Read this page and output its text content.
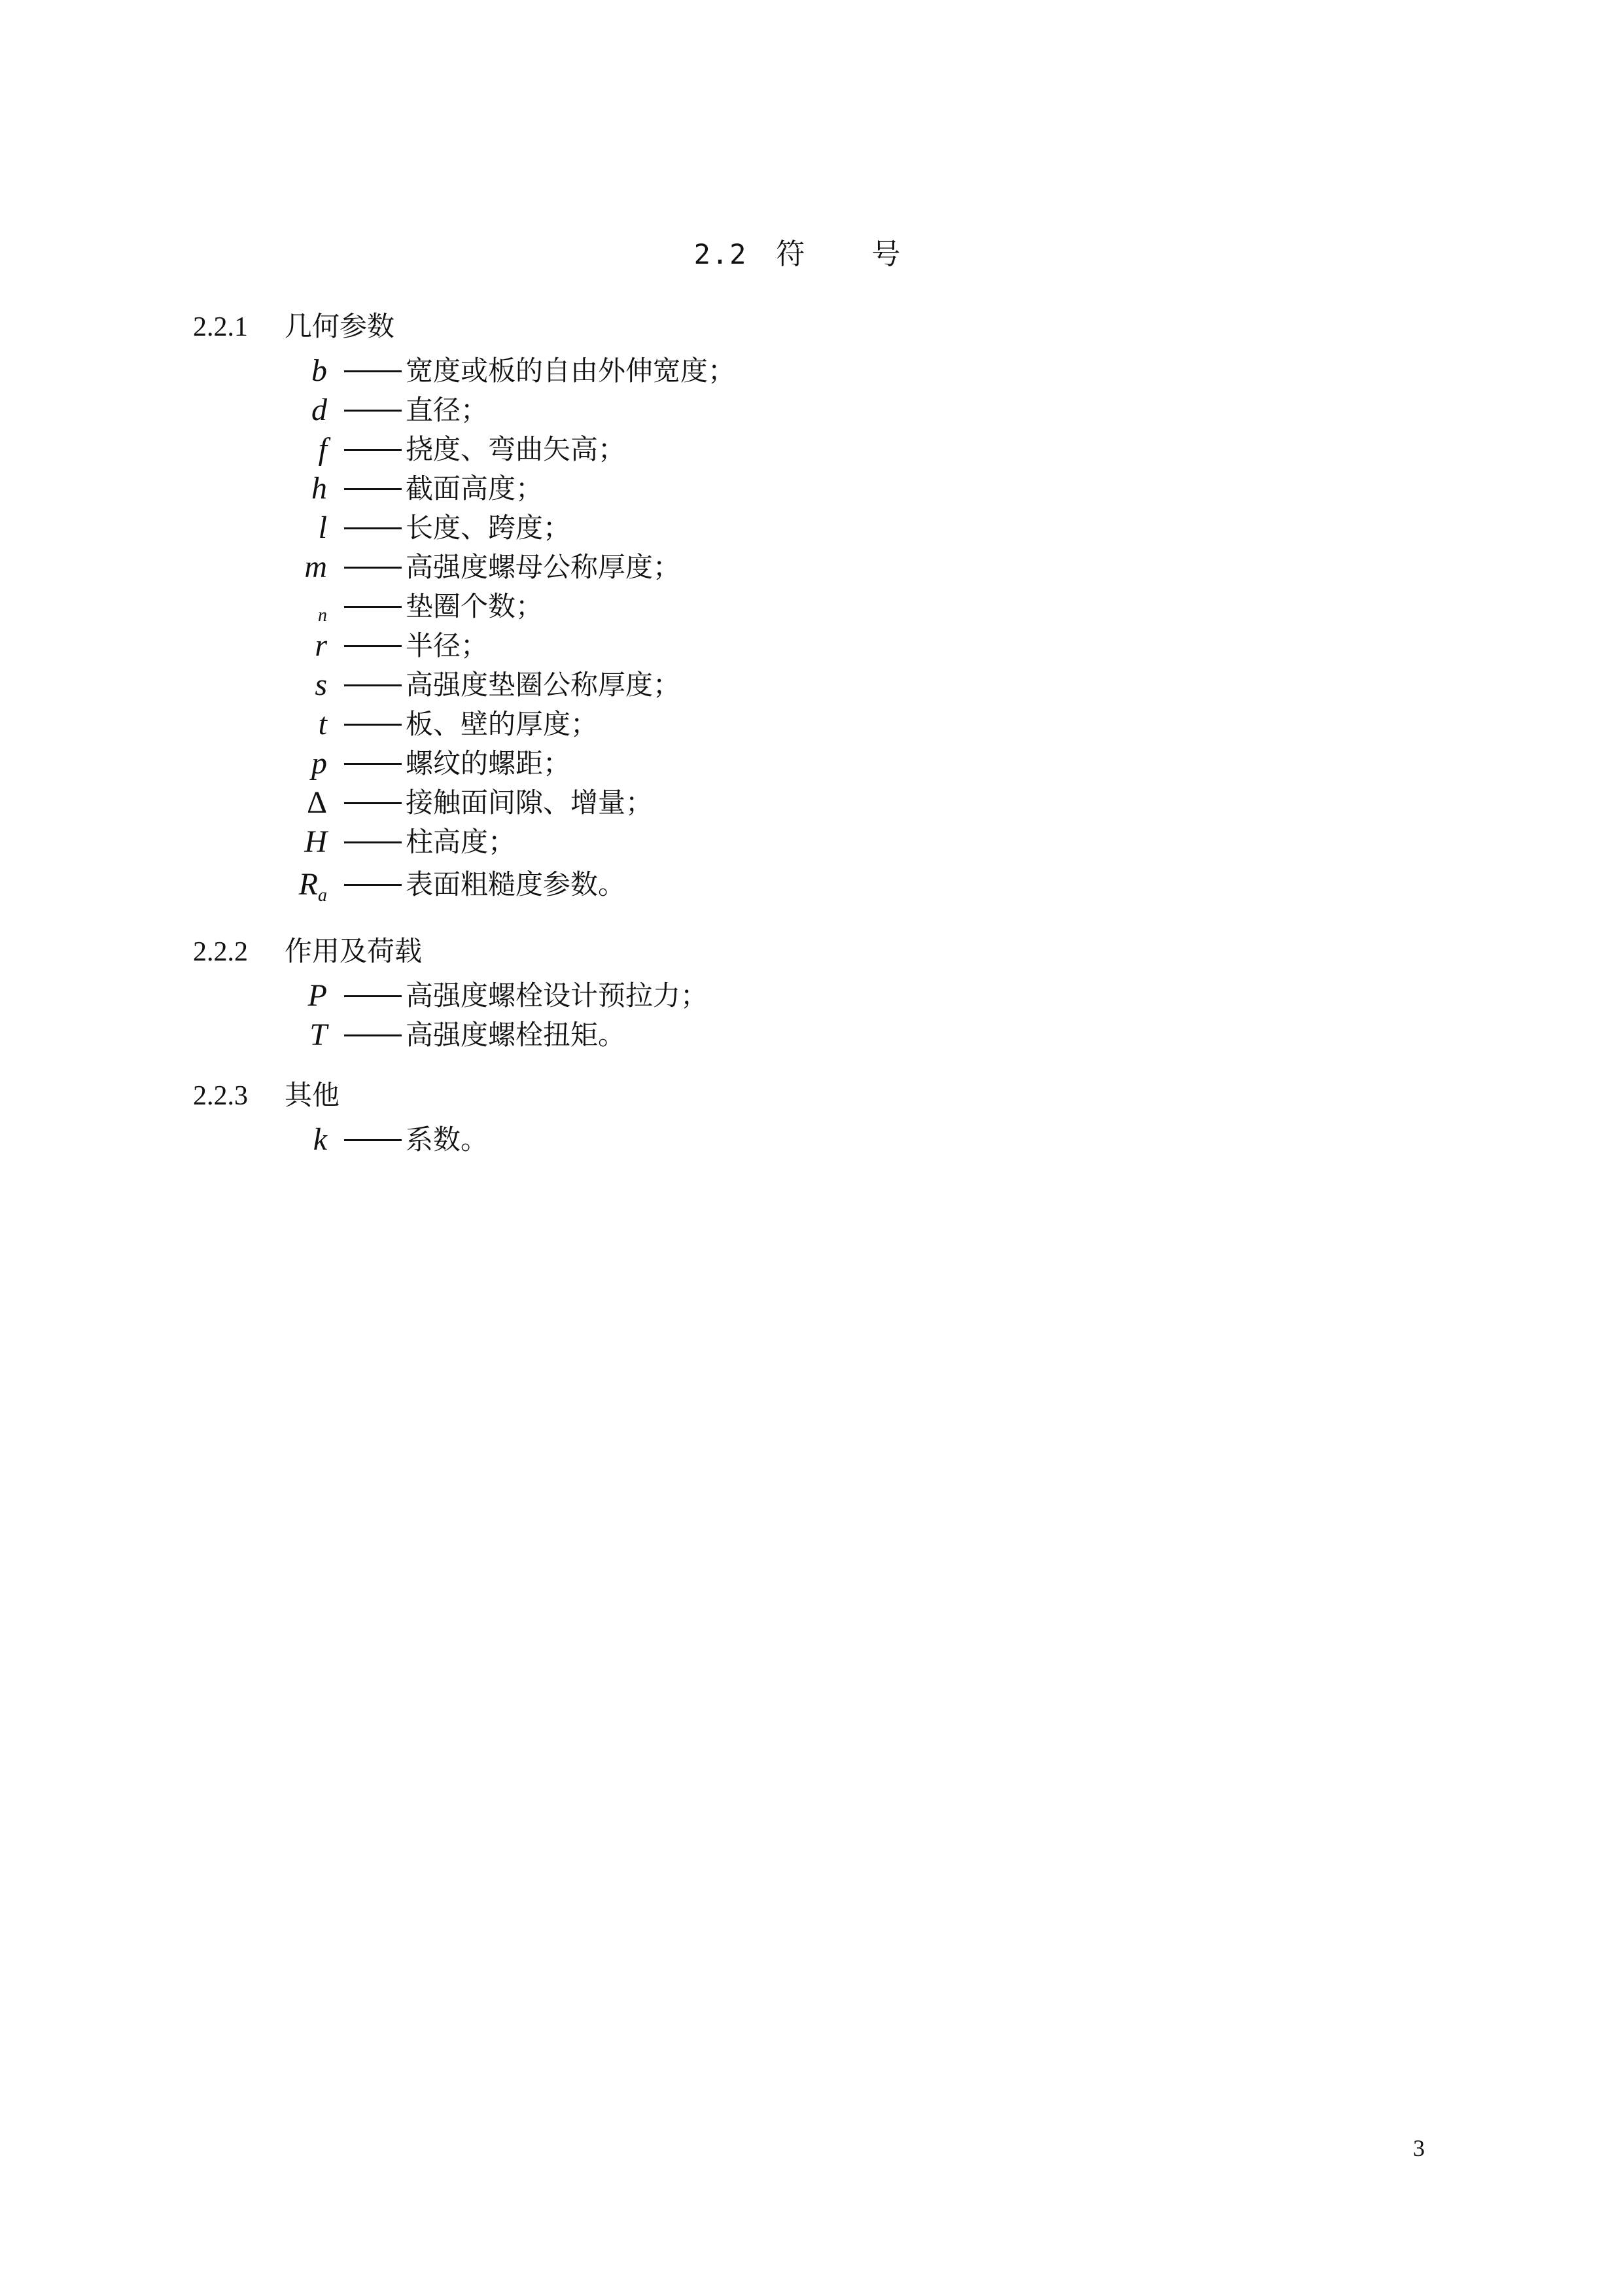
2.2 符 号
2.2.1 几何参数
b	宽度或板的自由外伸宽度；
d	直径；
f	挠度、弯曲矢高；
h	截面高度；
l	长度、跨度；
m	高强度螺母公称厚度；
n	垫圈个数；
r	半径；
s	高强度垫圈公称厚度；
t	板、壁的厚度；
p	螺纹的螺距；
Δ	接触面间隙、增量；
H	柱高度；
$R_a$	表面粗糙度参数。
2.2.2 作用及荷载
P	高强度螺栓设计预拉力；
T	高强度螺栓扭矩。
2.2.3 其他
k	系数。
3
